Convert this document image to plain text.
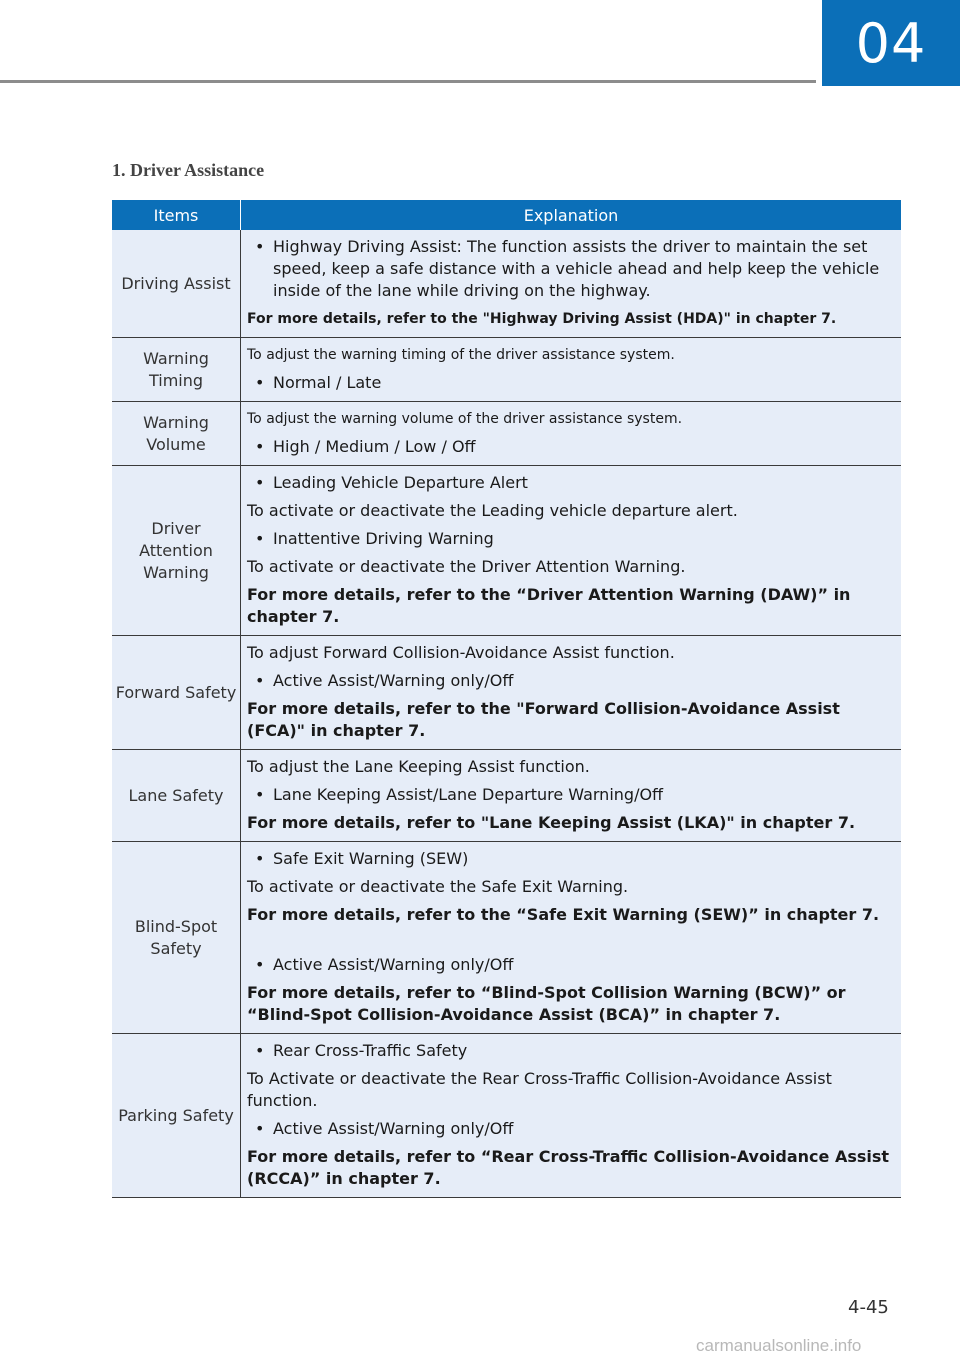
04
1. Driver Assistance
Items	Explanation
Driving Assist	• Highway Driving Assist: The function assists the driver to maintain the set speed, keep a safe distance with a vehicle ahead and help keep the vehicle inside of the lane while driving on the highway.
For more details, refer to the "Highway Driving Assist (HDA)" in chapter 7.

Warning Timing	To adjust the warning timing of the driver assistance system.
• Normal / Late

Warning Volume	To adjust the warning volume of the driver assistance system.
• High / Medium / Low / Off

Driver Attention Warning	• Leading Vehicle Departure Alert
To activate or deactivate the Leading vehicle departure alert.
• Inattentive Driving Warning
To activate or deactivate the Driver Attention Warning.
For more details, refer to the “Driver Attention Warning (DAW)” in chapter 7.

Forward Safety	To adjust Forward Collision-Avoidance Assist function.
• Active Assist/Warning only/Off
For more details, refer to the "Forward Collision-Avoidance Assist (FCA)" in chapter 7.

Lane Safety	To adjust the Lane Keeping Assist function.
• Lane Keeping Assist/Lane Departure Warning/Off
For more details, refer to "Lane Keeping Assist (LKA)" in chapter 7.

Blind-Spot Safety	• Safe Exit Warning (SEW)
To activate or deactivate the Safe Exit Warning.
For more details, refer to the “Safe Exit Warning (SEW)” in chapter 7.
• Active Assist/Warning only/Off
For more details, refer to “Blind-Spot Collision Warning (BCW)” or “Blind-Spot Collision-Avoidance Assist (BCA)” in chapter 7.

Parking Safety	• Rear Cross-Traffic Safety
To Activate or deactivate the Rear Cross-Traffic Collision-Avoidance Assist function.
• Active Assist/Warning only/Off
For more details, refer to “Rear Cross-Traffic Collision-Avoidance Assist (RCCA)” in chapter 7.
4-45
carmanualsonline.info
